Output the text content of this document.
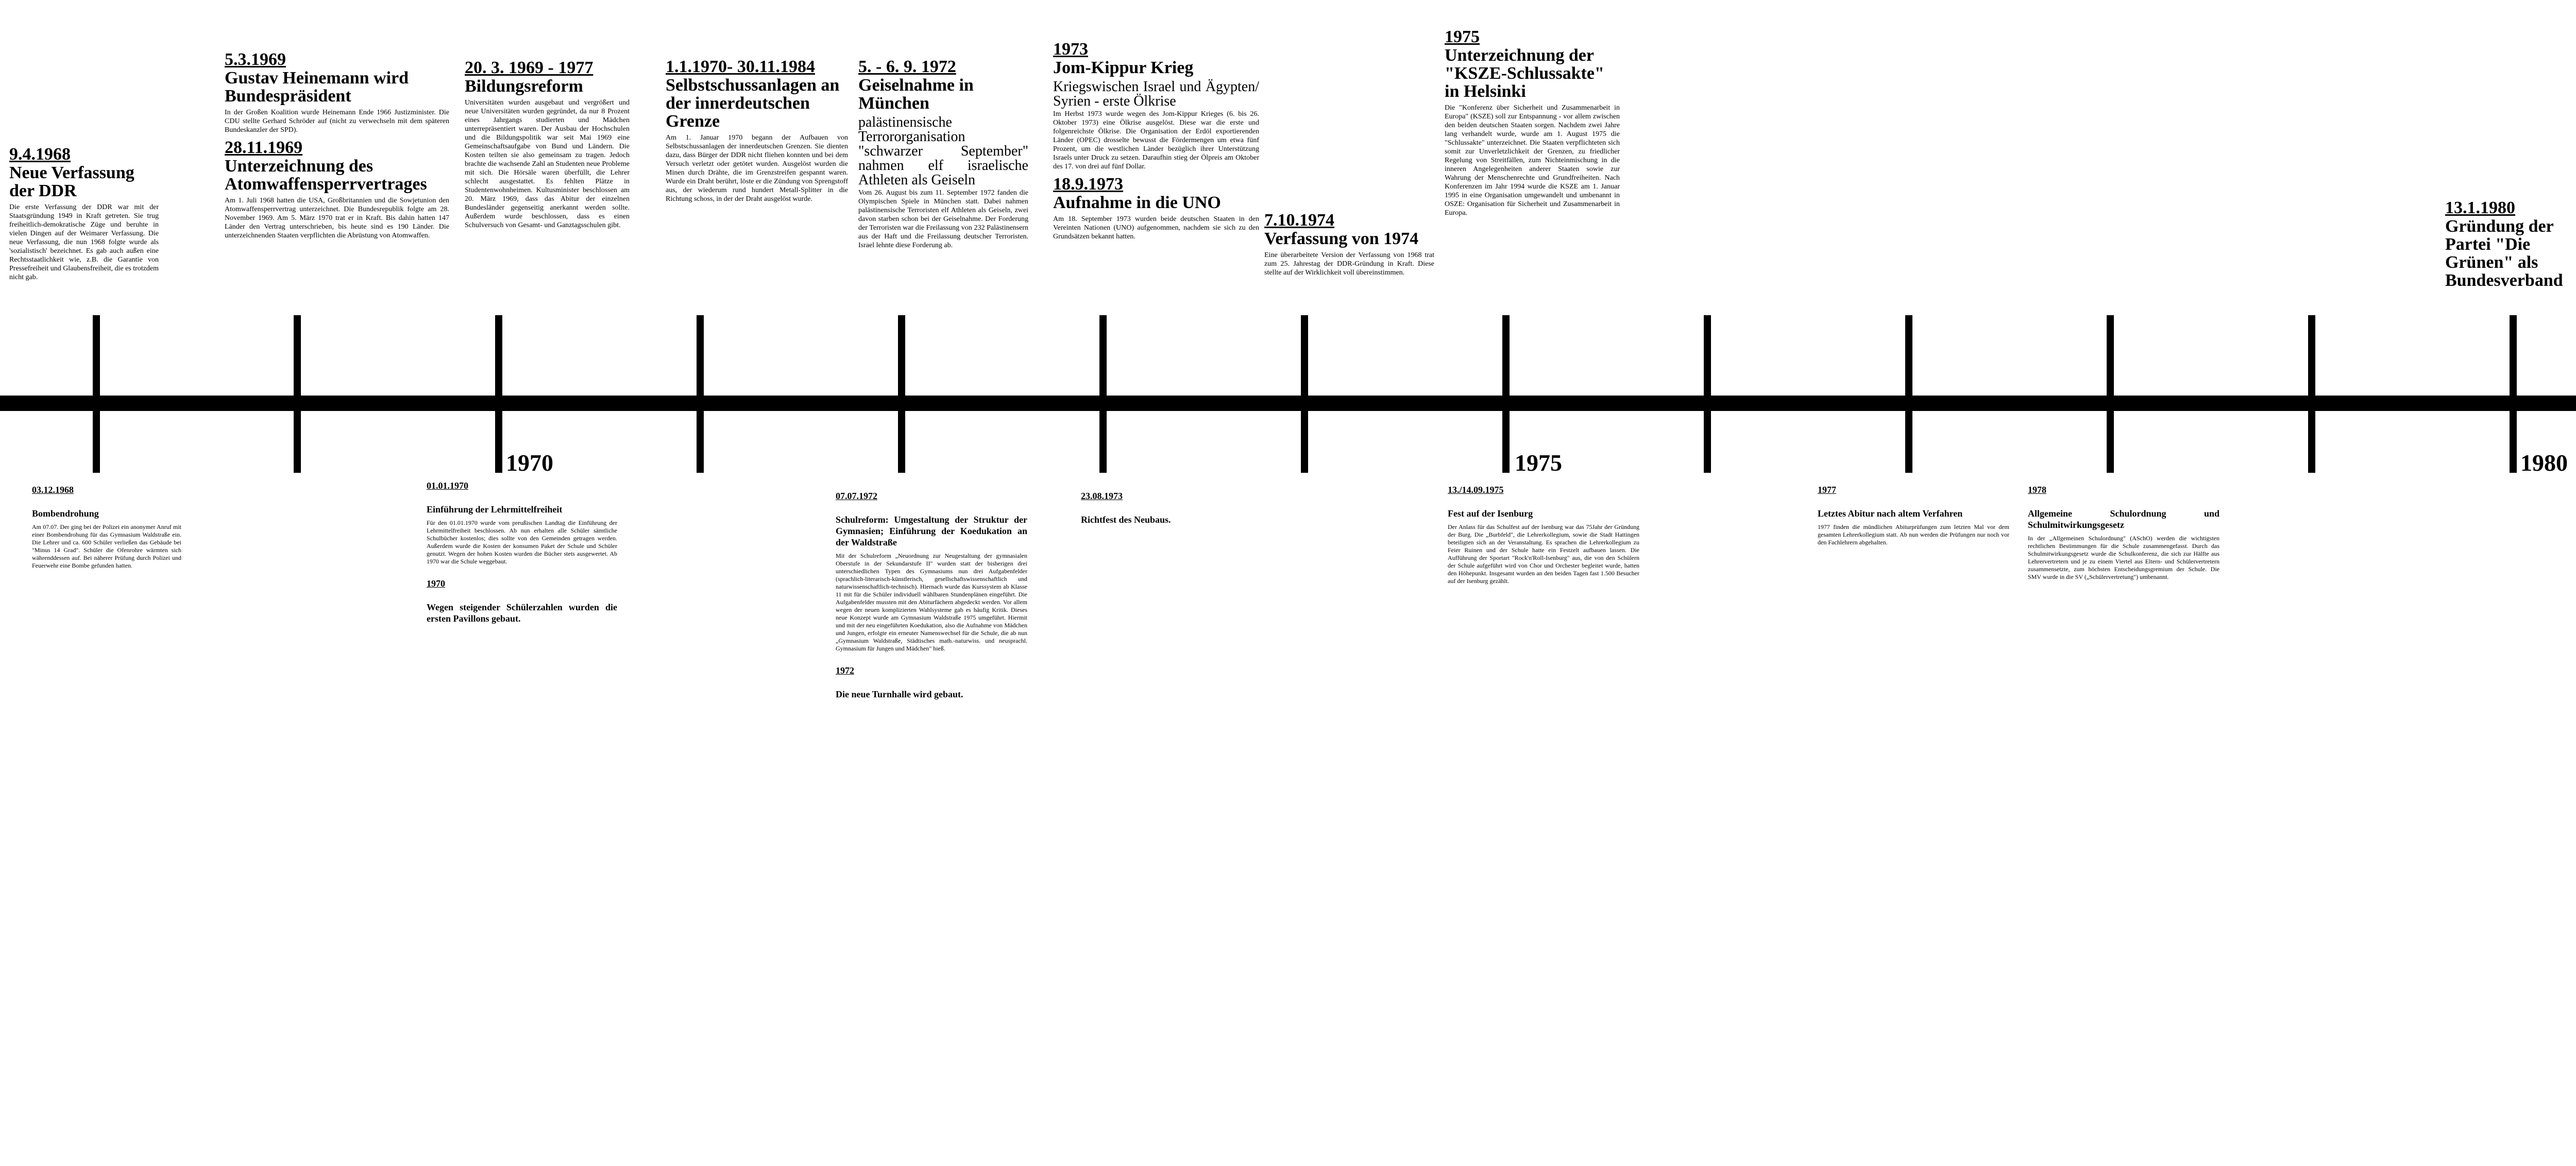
9.4.1968

Neue Verfassung der DDR

Die erste Verfassung der DDR war mit der Staatsgründung 1949 in Kraft getreten. Sie trug freiheitlich-demokratische Züge und beruhte in vielen Dingen auf der Weimarer Verfassung. Die neue Verfassung, die nun 1968 folgte wurde als 'sozialistisch' bezeichnet. Es gab auch außen eine Rechtsstaatlichkeit wie, z.B. die Garantie von Pressefreiheit und Glaubensfreiheit, die es trotzdem nicht gab.

5.3.1969

Gustav Heinemann wird Bundespräsident

In der Großen Koalition wurde Heinemann Ende 1966 Justizminister. Die CDU stellte Gerhard Schröder auf (nicht zu verwechseln mit dem späteren Bundeskanzler der SPD).

28.11.1969

Unterzeichnung des Atomwaffensperrvertrages

Am 1. Juli 1968 hatten die USA, Großbritannien und die Sowjetunion den Atomwaffensperrvertrag unterzeichnet. Die Bundesrepublik folgte am 28. November 1969. Am 5. März 1970 trat er in Kraft. Bis dahin hatten 147 Länder den Vertrag unterschrieben, bis heute sind es 190 Länder. Die unterzeichnenden Staaten verpflichten die Abrüstung von Atomwaffen.

20. 3. 1969 - 1977

Bildungsreform

Universitäten wurden ausgebaut und vergrößert und neue Universitäten wurden gegründet, da nur 8 Prozent eines Jahrgangs studierten und Mädchen unterrepräsentiert waren. Der Ausbau der Hochschulen und die Bildungspolitik war seit Mai 1969 eine Gemeinschaftsaufgabe von Bund und Ländern. Die Kosten teilten sie also gemeinsam zu tragen. Jedoch brachte die wachsende Zahl an Studenten neue Probleme mit sich. Die Hörsäle waren überfüllt, die Lehrer schlecht ausgestattet. Es fehlten Plätze in Studentenwohnheimen. Kultusminister beschlossen am 20. März 1969, dass das Abitur der einzelnen Bundesländer gegenseitig anerkannt werden sollte. Außerdem wurde beschlossen, dass es einen Schulversuch von Gesamt- und Ganztagsschulen gibt.

1.1.1970- 30.11.1984

Selbstschussanlagen an der innerdeutschen Grenze

Am 1. Januar 1970 begann der Aufbauen von Selbstschussanlagen der innerdeutschen Grenzen. Sie dienten dazu, dass Bürger der DDR nicht fliehen konnten und bei dem Versuch verletzt oder getötet wurden. Ausgelöst wurden die Minen durch Drähte, die im Grenzstreifen gespannt waren. Wurde ein Draht berührt, löste er die Zündung von Sprengstoff aus, der wiederum rund hundert Metall-Splitter in die Richtung schoss, in der der Draht ausgelöst wurde.

5. - 6. 9. 1972

Geiselnahme in München

palästinensische Terrororganisation "schwarzer September" nahmen elf israelische Athleten als Geiseln

Vom 26. August bis zum 11. September 1972 fanden die Olympischen Spiele in München statt. Dabei nahmen palästinensische Terroristen elf Athleten als Geiseln, zwei davon starben schon bei der Geiselnahme. Der Forderung der Terroristen war die Freilassung von 232 Palästinensern aus der Haft und die Freilassung deutscher Terroristen. Israel lehnte diese Forderung ab.

1973

Jom-Kippur Krieg

Kriegswischen Israel und Ägypten/ Syrien - erste Ölkrise

Im Herbst 1973 wurde wegen des Jom-Kippur Krieges (6. bis 26. Oktober 1973) eine Ölkrise ausgelöst. Diese war die erste und folgenreichste Ölkrise. Die Organisation der Erdöl exportierenden Länder (OPEC) drosselte bewusst die Fördermengen um etwa fünf Prozent, um die westlichen Länder bezüglich ihrer Unterstützung Israels unter Druck zu setzen. Daraufhin stieg der Ölpreis am Oktober des 17. von drei auf fünf Dollar.

18.9.1973

Aufnahme in die UNO

Am 18. September 1973 wurden beide deutschen Staaten in den Vereinten Nationen (UNO) aufgenommen, nachdem sie sich zu den Grundsätzen bekannt hatten.

7.10.1974

Verfassung von 1974

Eine überarbeitete Version der Verfassung von 1968 trat zum 25. Jahrestag der DDR-Gründung in Kraft. Diese stellte auf der Wirklichkeit voll übereinstimmen.

1975

Unterzeichnung der "KSZE-Schlussakte" in Helsinki

Die "Konferenz über Sicherheit und Zusammenarbeit in Europa" (KSZE) soll zur Entspannung - vor allem zwischen den beiden deutschen Staaten sorgen. Nachdem zwei Jahre lang verhandelt wurde, wurde am 1. August 1975 die "Schlussakte" unterzeichnet. Die Staaten verpflichteten sich somit zur Unverletzlichkeit der Grenzen, zu friedlicher Regelung von Streitfällen, zum Nichteinmischung in die inneren Angelegenheiten anderer Staaten sowie zur Wahrung der Menschenrechte und Grundfreiheiten. Nach Konferenzen im Jahr 1994 wurde die KSZE am 1. Januar 1995 in eine Organisation umgewandelt und umbenannt in OSZE: Organisation für Sicherheit und Zusammenarbeit in Europa.	13.1.1980

Gründung der Partei "Die Grünen" als Bundesverband

1970	1975	1980

03.12.1968

Bombendrohung

Am 07.07. Der ging bei der Polizei ein anonymer Anruf mit einer Bombendrohung für das Gymnasium Waldstraße ein. Die Lehrer und ca. 600 Schüler verließen das Gebäude bei "Minus 14 Grad". Schüler die Ofenrohre wärmten sich währenddessen auf. Bei näherer Prüfung durch Polizei und Feuerwehr eine Bombe gefunden hatten.

01.01.1970

Einführung der Lehrmittelfreiheit

Für den 01.01.1970 wurde vom preußischen Landtag die Einführung der Lehrmittelfreiheit beschlossen. Ab nun erhalten alle Schüler sämtliche Schulbücher kostenlos; dies sollte von den Gemeinden getragen werden. Außerdem wurde die Kosten der konsumen Paket der Schule und Schüler genutzt. Wegen der hohen Kosten wurden die Bücher stets ausgewertet. Ab 1970 war die Schule weggebaut.

1970

Wegen steigender Schülerzahlen wurden die ersten Pavillons gebaut.

07.07.1972

Schulreform: Umgestaltung der Struktur der Gymnasien; Einführung der Koedukation an der Waldstraße

Mit der Schulreform „Neuordnung zur Neugestaltung der gymnasialen Oberstufe in der Sekundarstufe II" wurden statt der bisherigen drei unterschiedlichen Typen des Gymnasiums nun drei Aufgabenfelder (sprachlich-literarisch-künstlerisch, gesellschaftswissenschaftlich und naturwissenschaftlich-technisch). Hiernach wurde das Kurssystem ab Klasse 11 mit für die Schüler individuell wählbaren Stundenplänen eingeführt. Die Aufgabenfelder mussten mit den Abiturfächern abgedeckt werden. Vor allem wegen der neuen komplizierten Wahlsysteme gab es häufig Kritik. Dieses neue Konzept wurde am Gymnasium Waldstraße 1975 umgeführt. Hiermit und mit der neu eingeführten Koedukation, also die Aufnahme von Mädchen und Jungen, erfolgte ein erneuter Namenswechsel für die Schule, die ab nun „Gymnasium Waldstraße, Städtisches math.-naturwiss. und neusprachl. Gymnasium für Jungen und Mädchen" hieß.

1972

Die neue Turnhalle wird gebaut.

23.08.1973

Richtfest des Neubaus.

13./14.09.1975

Fest auf der Isenburg

Der Anlass für das Schulfest auf der Isenburg war das 75Jahr der Gründung der Burg. Die „Burbfeld", die Lehrerkollegium, sowie die Stadt Hattingen beteiligten sich an der Veranstaltung. Es sprachen die Lehrerkollegium zu Feier Ruinen und der Schule hatte ein Festzelt aufbauen lassen. Die Aufführung der Sportart "Rock'n'Roll-Isenburg" aus, die von den Schülern der Schule aufgeführt wird von Chor und Orchester begleitet wurde, hatten den Höhepunkt. Insgesamt wurden an den beiden Tagen fast 1.500 Besucher auf der Isenburg gezählt.

1977

Letztes Abitur nach altem Verfahren

1977 finden die mündlichen Abiturprüfungen zum letzten Mal vor dem gesamten Lehrerkollegium statt. Ab nun werden die Prüfungen nur noch vor den Fachlehrern abgehalten.

1978

Allgemeine Schulordnung und Schulmitwirkungsgesetz

In der „Allgemeinen Schulordnung" (ASchO) werden die wichtigsten rechtlichen Bestimmungen für die Schule zusammengefasst. Durch das Schulmitwirkungsgesetz wurde die Schulkonferenz, die sich zur Hälfte aus Lehrervertretern und je zu einem Viertel aus Eltern- und Schülervertretern zusammensetzte, zum höchsten Entscheidungsgremium der Schule. Die SMV wurde in die SV („Schülervertretung") umbenannt.
